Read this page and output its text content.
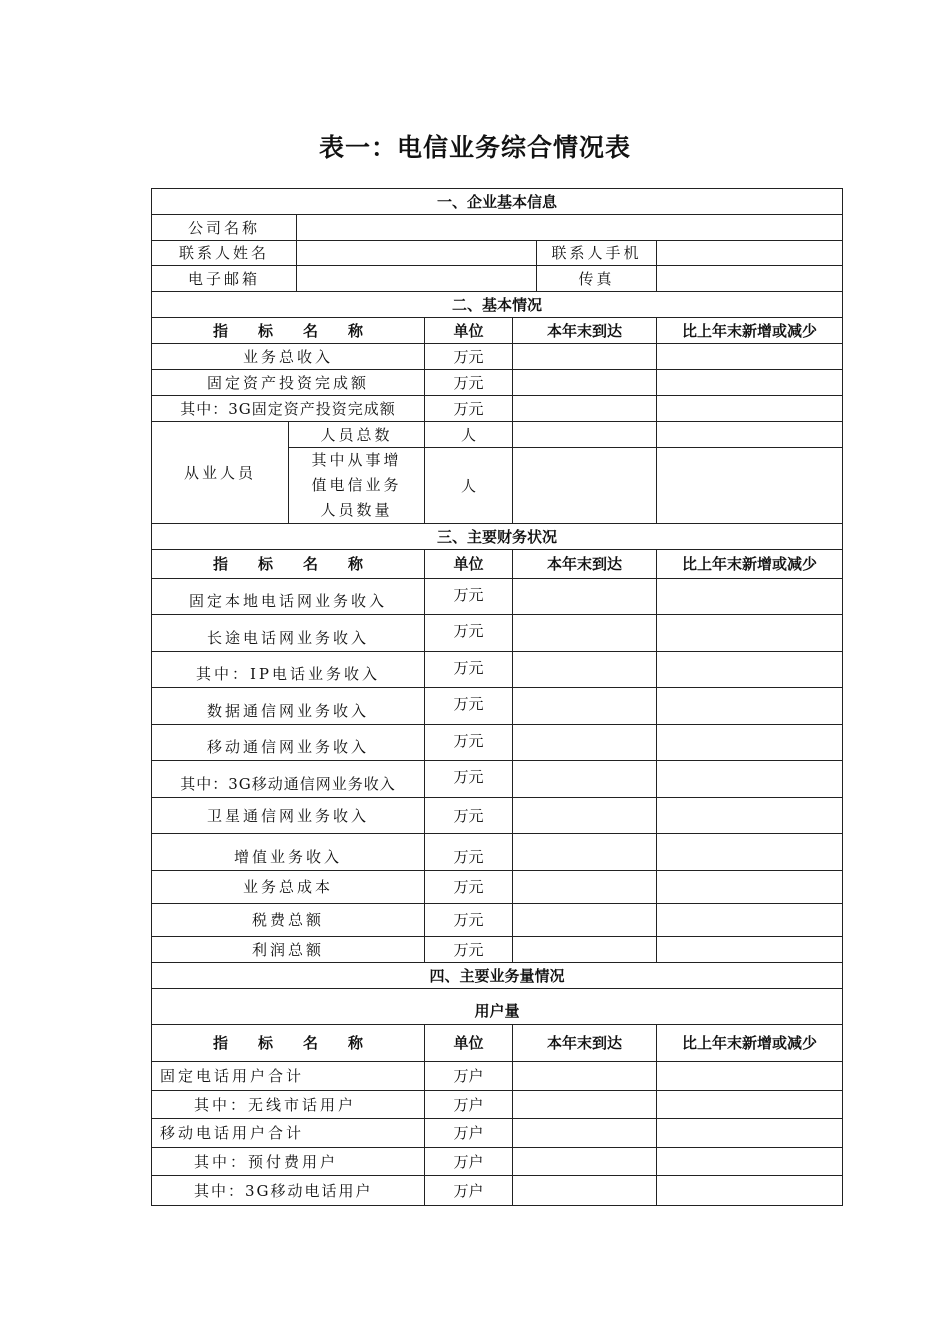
表一：电信业务综合情况表
一、企业基本信息						
公司名称						
联系人姓名					联系人手机	
电子邮箱					传真	
二、基本情况						
指　　标　　名　　称			单位	本年末到达		比上年末新增或减少
业务总收入			万元			
固定资产投资完成额			万元			
其中：3G固定资产投资完成额			万元			
从业人员	人员总数		人			
	其中从事增值电信业务人员数量		人			
三、主要财务状况						
指　　标　　名　　称			单位	本年末到达		比上年末新增或减少
固定本地电话网业务收入			万元			
长途电话网业务收入			万元			
其中：IP电话业务收入			万元			
数据通信网业务收入			万元			
移动通信网业务收入			万元			
其中：3G移动通信网业务收入			万元			
卫星通信网业务收入			万元			
增值业务收入			万元			
业务总成本			万元			
税费总额			万元			
利润总额			万元			
四、主要业务量情况						
用户量						
指　　标　　名　　称			单位	本年末到达		比上年末新增或减少
固定电话用户合计			万户			
其中：无线市话用户			万户			
移动电话用户合计			万户			
其中：预付费用户			万户			
其中：3G移动电话用户			万户			
